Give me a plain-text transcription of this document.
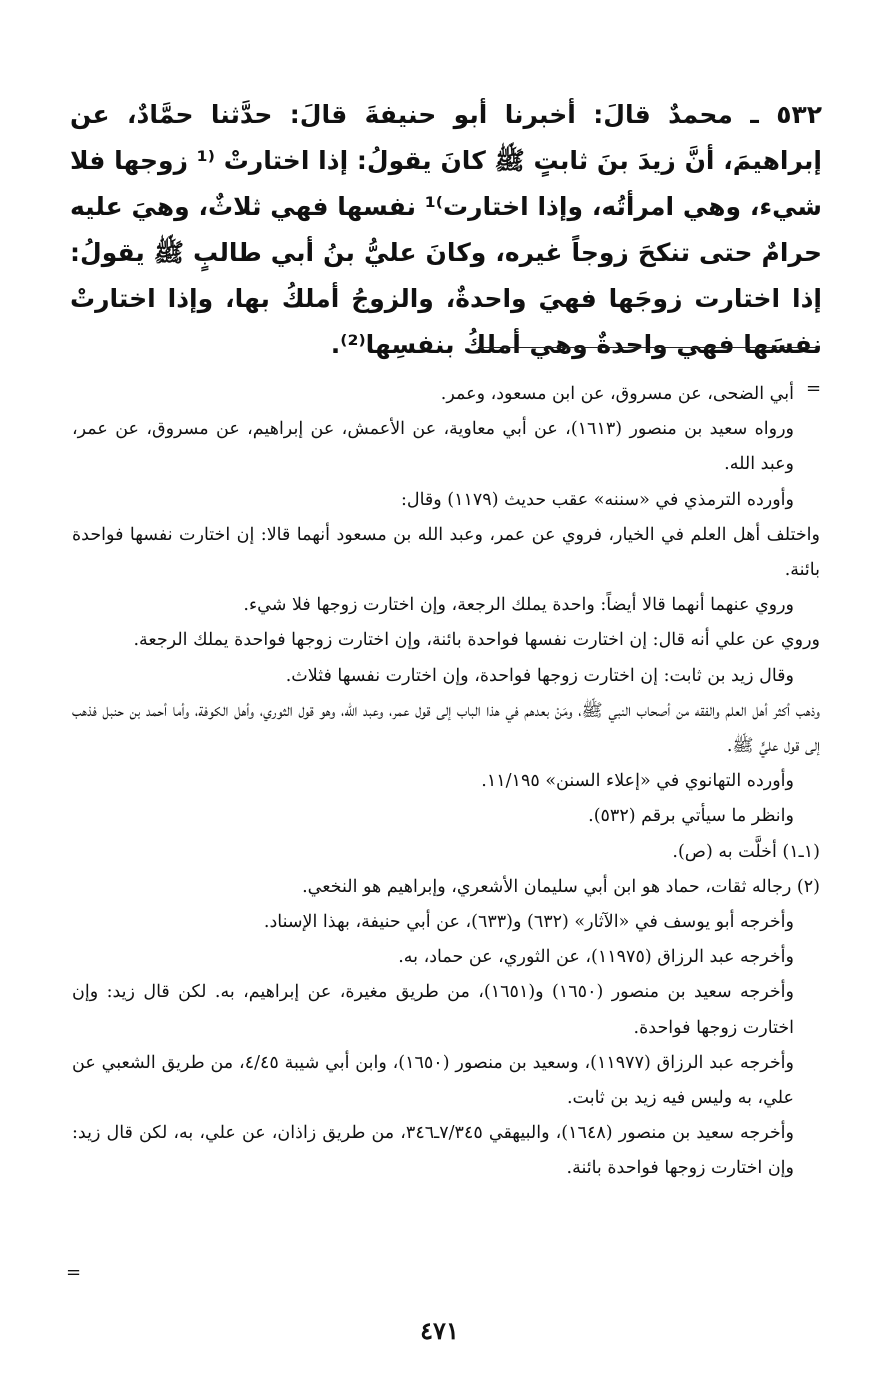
٥٣٢ ـ محمدٌ قالَ: أخبرنا أبو حنيفةَ قالَ: حدَّثنا حمَّادٌ، عن إبراهيمَ، أنَّ زيدَ بنَ ثابتٍ ﷺ كانَ يقولُ: إذا اختارتْ ⁽¹ زوجها فلا شيء، وهي امرأتُه، وإذا اختارت⁾¹ نفسها فهي ثلاثٌ، وهيَ عليه حرامٌ حتى تنكحَ زوجاً غيره، وكانَ عليُّ بنُ أبي طالبٍ ﷺ يقولُ: إذا اختارت زوجَها فهيَ واحدةٌ، والزوجُ أملكُ بها، وإذا اختارتْ نفسَها فهي واحدةٌ وهي أملكُ بنفسِها⁽²⁾.

=

أبي الضحى، عن مسروق، عن ابن مسعود، وعمر.

ورواه سعيد بن منصور (١٦١٣)، عن أبي معاوية، عن الأعمش، عن إبراهيم، عن مسروق، عن عمر، وعبد الله.

وأورده الترمذي في «سننه» عقب حديث (١١٧٩) وقال:

واختلف أهل العلم في الخيار، فروي عن عمر، وعبد الله بن مسعود أنهما قالا: إن اختارت نفسها فواحدة بائنة.

وروي عنهما أنهما قالا أيضاً: واحدة يملك الرجعة، وإن اختارت زوجها فلا شيء.

وروي عن علي أنه قال: إن اختارت نفسها فواحدة بائنة، وإن اختارت زوجها فواحدة يملك الرجعة.

وقال زيد بن ثابت: إن اختارت زوجها فواحدة، وإن اختارت نفسها فثلاث.

وذهب أكثر أهل العلم والفقه من أصحاب النبي ﷺ، ومَنْ بعدهم في هذا الباب إلى قول عمر، وعبد الله، وهو قول الثوري، وأهل الكوفة، وأما أحمد بن حنبل فذهب إلى قول عليٍّ ﷺ.

وأورده التهانوي في «إعلاء السنن» ١١/١٩٥.

وانظر ما سيأتي برقم (٥٣٢).

(١ـ١) أخلَّت به (ص).

(٢) رجاله ثقات، حماد هو ابن أبي سليمان الأشعري، وإبراهيم هو النخعي.

وأخرجه أبو يوسف في «الآثار» (٦٣٢) و(٦٣٣)، عن أبي حنيفة، بهذا الإسناد.

وأخرجه عبد الرزاق (١١٩٧٥)، عن الثوري، عن حماد، به.

وأخرجه سعيد بن منصور (١٦٥٠) و(١٦٥١)، من طريق مغيرة، عن إبراهيم، به. لكن قال زيد: وإن اختارت زوجها فواحدة.

وأخرجه عبد الرزاق (١١٩٧٧)، وسعيد بن منصور (١٦٥٠)، وابن أبي شيبة ٤/٤٥، من طريق الشعبي عن علي، به وليس فيه زيد بن ثابت.

وأخرجه سعيد بن منصور (١٦٤٨)، والبيهقي ٧/٣٤٥ـ٣٤٦، من طريق زاذان، عن علي، به، لكن قال زيد: وإن اختارت زوجها فواحدة بائنة.

=
٤٧١
